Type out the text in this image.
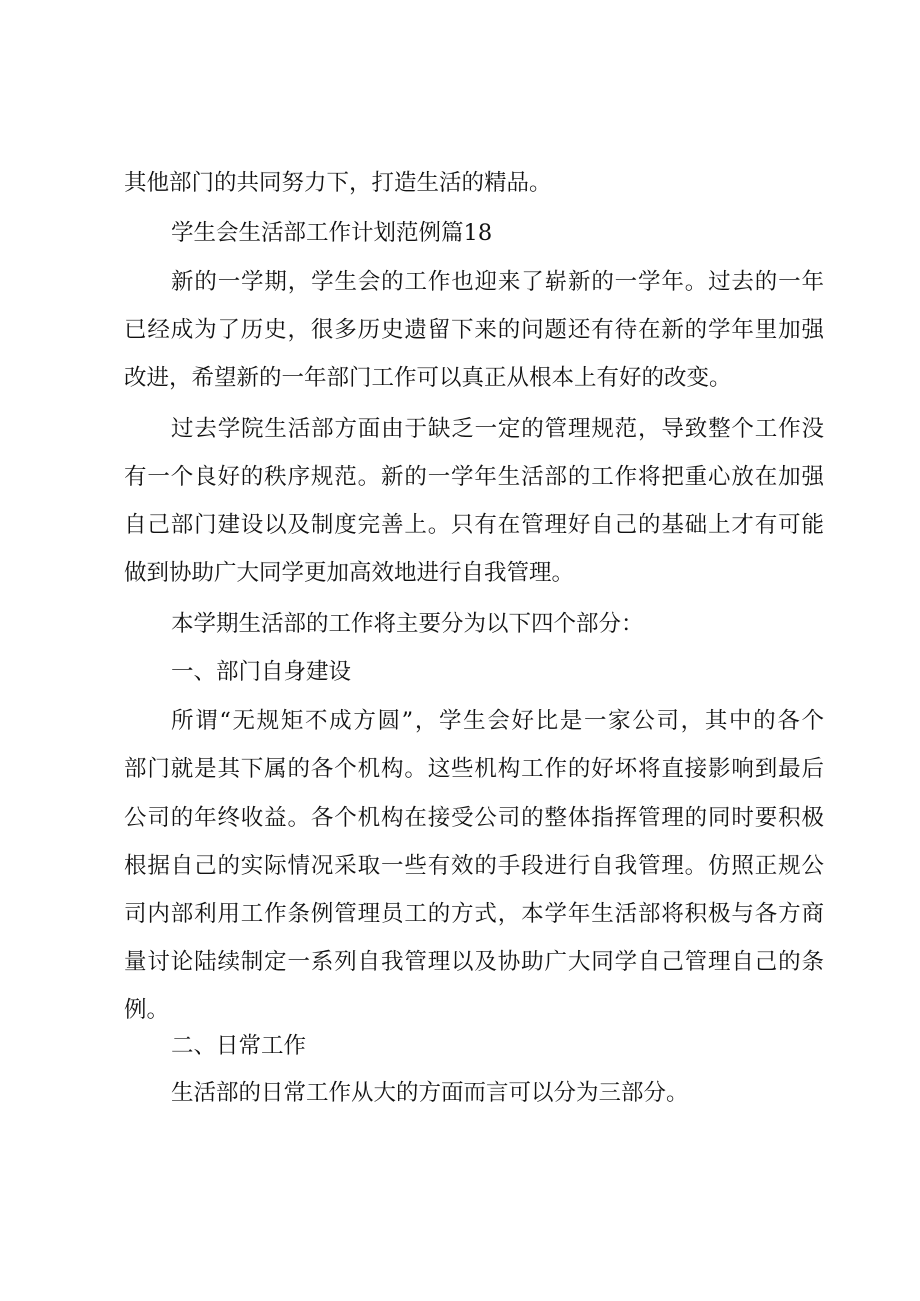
其他部门的共同努力下，打造生活的精品。
学生会生活部工作计划范例篇18
新的一学期，学生会的工作也迎来了崭新的一学年。过去的一年
已经成为了历史，很多历史遗留下来的问题还有待在新的学年里加强
改进，希望新的一年部门工作可以真正从根本上有好的改变。
过去学院生活部方面由于缺乏一定的管理规范，导致整个工作没
有一个良好的秩序规范。新的一学年生活部的工作将把重心放在加强
自己部门建设以及制度完善上。只有在管理好自己的基础上才有可能
做到协助广大同学更加高效地进行自我管理。
本学期生活部的工作将主要分为以下四个部分：
一、部门自身建设
所谓“无规矩不成方圆”，学生会好比是一家公司，其中的各个
部门就是其下属的各个机构。这些机构工作的好坏将直接影响到最后
公司的年终收益。各个机构在接受公司的整体指挥管理的同时要积极
根据自己的实际情况采取一些有效的手段进行自我管理。仿照正规公
司内部利用工作条例管理员工的方式，本学年生活部将积极与各方商
量讨论陆续制定一系列自我管理以及协助广大同学自己管理自己的条
例。
二、日常工作
生活部的日常工作从大的方面而言可以分为三部分。
